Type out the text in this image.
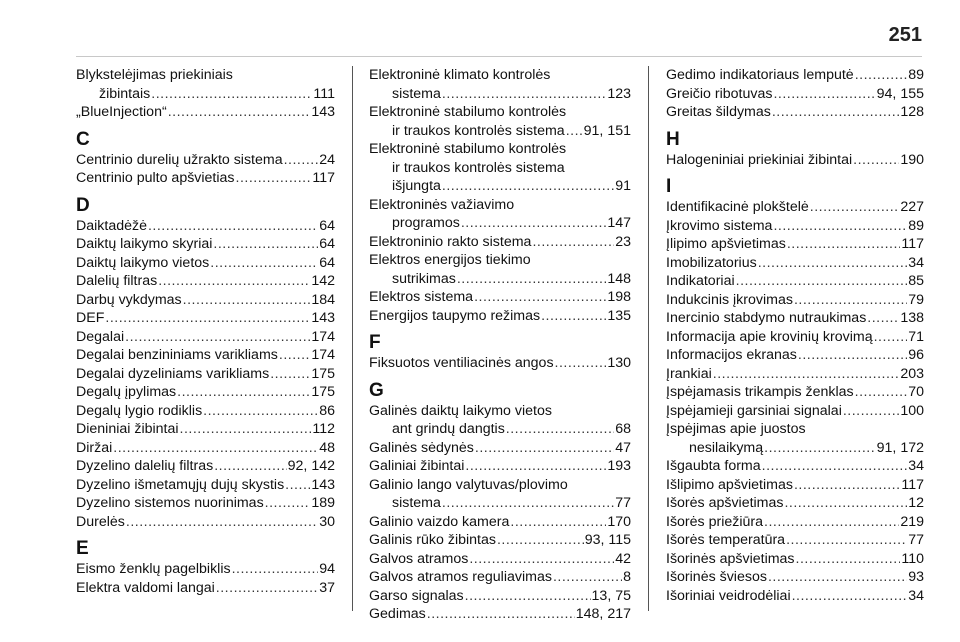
251
Blykstelėjimas priekiniais
žibintais .....	111
„BlueInjection“ .....	143
C
Centrinio durelių užrakto sistema .....	24
Centrinio pulto apšvietias .....	117
D
Daiktadėžė .....	64
Daiktų laikymo skyriai .....	64
Daiktų laikymo vietos .....	64
Dalelių filtras .....	142
Darbų vykdymas .....	184
DEF .....	143
Degalai .....	174
Degalai benzininiams varikliams ..... 174
Degalai dyzeliniams varikliams .....	175
Degalų įpylimas .....	175
Degalų lygio rodiklis .....	86
Dieniniai žibintai .....	112
Diržai .....	48
Dyzelino dalelių filtras .....	92, 142
Dyzelino išmetamųjų dujų skystis ..... 143
Dyzelino sistemos nuorinimas .....	189
Durelės .....	30
E
Eismo ženklų pagelbiklis .....	94
Elektra valdomi langai .....	37
Elektroninė klimato kontrolės
sistema .....	123
Elektroninė stabilumo kontrolės
ir traukos kontrolės sistema ..... 91, 151
Elektroninė stabilumo kontrolės
ir traukos kontrolės sistema
išjungta .....	91
Elektroninės važiavimo
programos .....	147
Elektroninio rakto sistema .....	23
Elektros energijos tiekimo
sutrikimas .....	148
Elektros sistema .....	198
Energijos taupymo režimas .....	135
F
Fiksuotos ventiliacinės angos .....	130
G
Galinės daiktų laikymo vietos
ant grindų dangtis .....	68
Galinės sėdynės .....	47
Galiniai žibintai .....	193
Galinio lango valytuvas/plovimo
sistema .....	77
Galinio vaizdo kamera .....	170
Galinis rūko žibintas .....	93, 115
Galvos atramos .....	42
Galvos atramos reguliavimas .....	8
Garso signalas .....	13, 75
Gedimas .....	148, 217
Gedimo indikatoriaus lemputė .....	89
Greičio ribotuvas .....	94, 155
Greitas šildymas .....	128
H
Halogeniniai priekiniai žibintai .....	190
I
Identifikacinė plokštelė .....	227
Įkrovimo sistema .....	89
Įlipimo apšvietimas .....	117
Imobilizatorius .....	34
Indikatoriai .....	85
Indukcinis įkrovimas .....	79
Inercinio stabdymo nutraukimas ..... 138
Informacija apie krovinių krovimą .....	71
Informacijos ekranas .....	96
Įrankiai .....	203
Įspėjamasis trikampis ženklas .....	70
Įspėjamieji garsiniai signalai .....	100
Įspėjimas apie juostos
nesilaikymą .....	91, 172
Išgaubta forma .....	34
Išlipimo apšvietimas .....	117
Išorės apšvietimas .....	12
Išorės priežiūra .....	219
Išorės temperatūra .....	77
Išorinės apšvietimas .....	110
Išorinės šviesos .....	93
Išoriniai veidrodėliai .....	34
